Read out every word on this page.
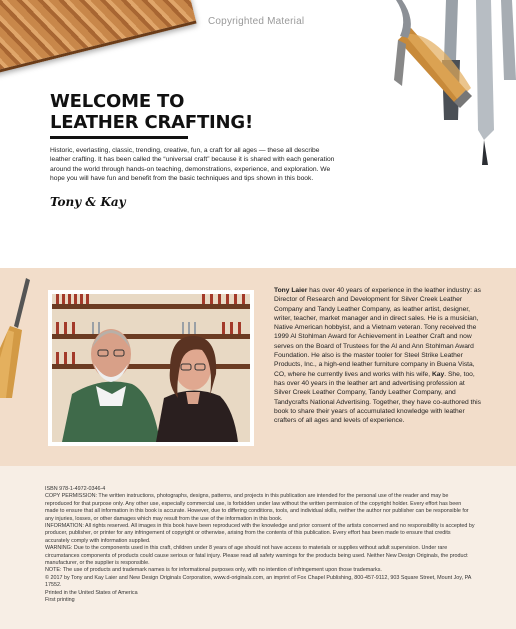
Copyrighted Material
WELCOME TO
LEATHER CRAFTING!

Historic, everlasting, classic, trending, creative, fun, a craft for all ages — these all describe leather crafting. It has been called the “universal craft” because it is shared with each generation around the world through hands-on teaching, demonstrations, experience, and exploration. We hope you will have fun and benefit from the basic techniques and tips shown in this book.

Tony & Kay

Tony Laier has over 40 years of experience in the leather industry: as Director of Research and Development for Silver Creek Leather Company and Tandy Leather Company, as leather artist, designer, writer, teacher, market manager and in direct sales. He is a musician, Native American hobbyist, and a Vietnam veteran. Tony received the 1999 Al Stohlman Award for Achievement in Leather Craft and now serves on the Board of Trustees for the Al and Ann Stohlman Award Foundation. He also is the master tooler for Steel Strike Leather Products, Inc., a high-end leather furniture company in Buena Vista, CO, where he currently lives and works with his wife, Kay. She, too, has over 40 years in the leather art and advertising profession at Silver Creek Leather Company, Tandy Leather Company, and Tandycrafts National Advertising. Together, they have co-authored this book to share their years of accumulated knowledge with leather crafters of all ages and levels of experience.

ISBN 978-1-4972-0346-4

COPY PERMISSION: The written instructions, photographs, designs, patterns, and projects in this publication are intended for the personal use of the reader and may be reproduced for that purpose only. Any other use, especially commercial use, is forbidden under law without the written permission of the copyright holder. Every effort has been made to ensure that all information in this book is accurate. However, due to differing conditions, tools, and individual skills, neither the author nor publisher can be responsible for any injuries, losses, or other damages which may result from the use of the information in this book.

INFORMATION: All rights reserved. All images in this book have been reproduced with the knowledge and prior consent of the artists concerned and no responsibility is accepted by producer, publisher, or printer for any infringement of copyright or otherwise, arising from the contents of this publication. Every effort has been made to ensure that credits accurately comply with information supplied.

WARNING: Due to the components used in this craft, children under 8 years of age should not have access to materials or supplies without adult supervision. Under rare circumstances components of products could cause serious or fatal injury. Please read all safety warnings for the products being used. Neither New Design Originals, the product manufacturer, or the supplier is responsible.

NOTE: The use of products and trademark names is for informational purposes only, with no intention of infringement upon those trademarks.

© 2017 by Tony and Kay Laier and New Design Originals Corporation, www.d-originals.com, an imprint of Fox Chapel Publishing, 800-457-9112, 903 Square Street, Mount Joy, PA 17552.

Printed in the United States of America

First printing
